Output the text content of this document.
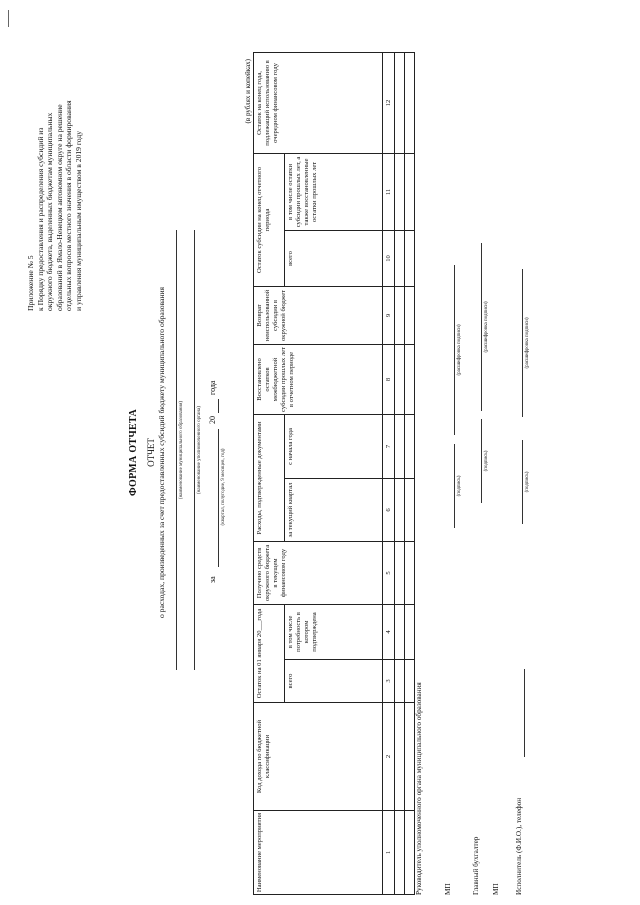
Приложение № 5 к Порядку предоставления и распределения субсидий из окружного бюджета, выделенных бюджетам муниципальных образований в Ямало-Ненецком автономном округе на решение отдельных вопросов местного значения в области формирования и управления муниципальным имуществом в 2019 году
ФОРМА ОТЧЕТА ОТЧЕТ о расходах, произведенных за счет предоставленных субсидий бюджету муниципального образования	(наименование муниципального образования)	(наименование уполномоченного органа)
за
20
года
(квартал, полугодие, 9 месяцев, год)
(в рублях и копейках)
Наименование мероприятия	Код дохода по бюджетной классификации	Остаток на 01 января 20___года		Получено средств окружного бюджета в текущем финансовом году	Расходы, подтвержденные документами		Восстановлено остатков межбюджетной субсидии прошлых лет в отчетном периоде	Возврат неиспользованной субсидии в окружной бюджет	Остаток субсидии на конец отчетного периода		Остаток на конец года, подлежащий использованию в очередном финансовом году
		всего	в том числе потребность в котором подтверждена		за текущий квартал	с начала года			всего	в том числе остатки субсидии прошлых лет, а также восстановленные остатки прошлых лет	
1	2	3	4	5	6	7	8	9	10	11	12

Руководитель уполномоченного органа муниципального образования	МП
(подпись)
(расшифровка подписи)
Главный бухгалтер
(подпись)
(расшифровка подписи)
МП Исполнитель (Ф.И.О.), телефон
(подпись)
(расшифровка подписи)
